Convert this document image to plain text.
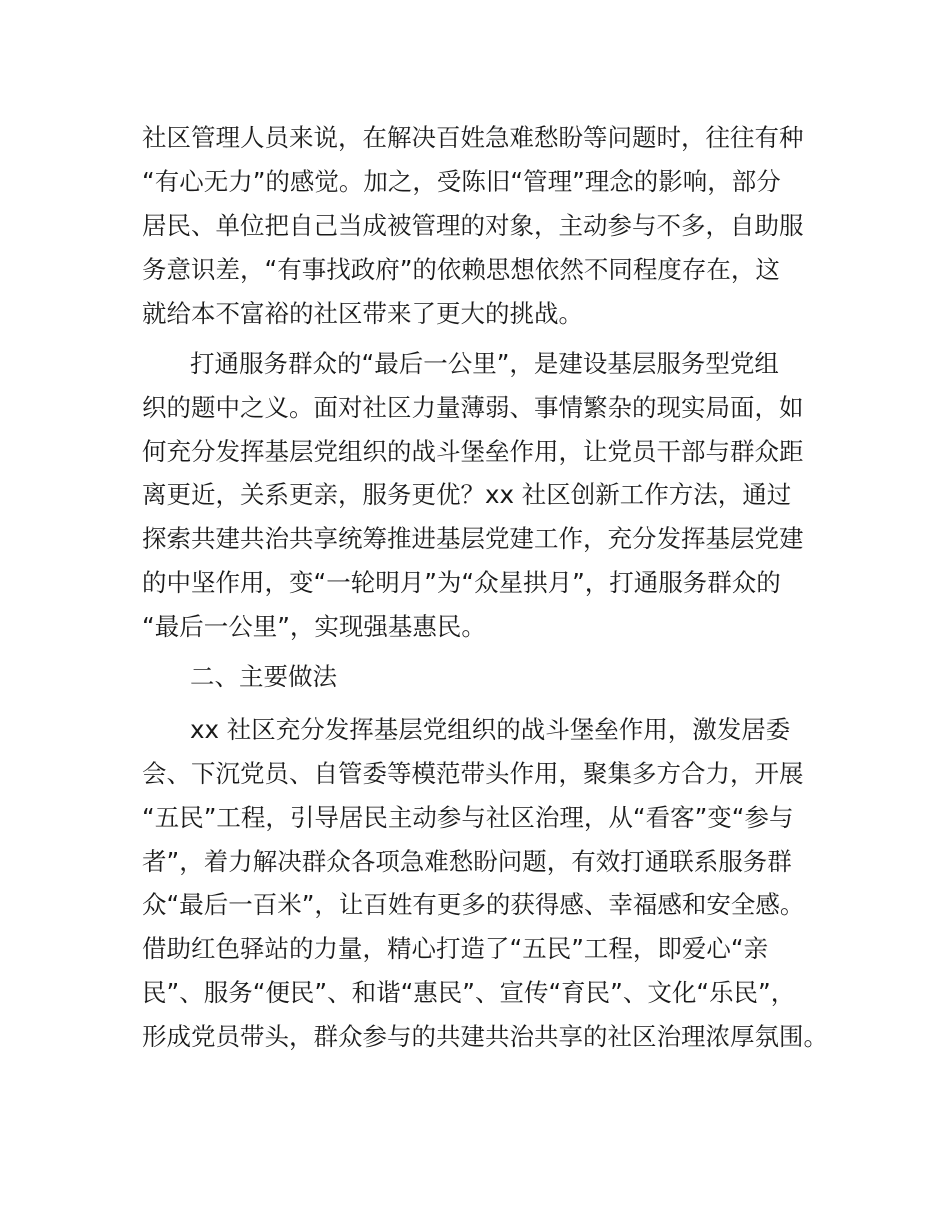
社区管理人员来说，在解决百姓急难愁盼等问题时，往往有种

“有心无力”的感觉。加之，受陈旧“管理”理念的影响，部分

居民、单位把自己当成被管理的对象，主动参与不多，自助服

务意识差，“有事找政府”的依赖思想依然不同程度存在，这

就给本不富裕的社区带来了更大的挑战。

打通服务群众的“最后一公里”，是建设基层服务型党组

织的题中之义。面对社区力量薄弱、事情繁杂的现实局面，如

何充分发挥基层党组织的战斗堡垒作用，让党员干部与群众距

离更近，关系更亲，服务更优？xx 社区创新工作方法，通过

探索共建共治共享统筹推进基层党建工作，充分发挥基层党建

的中坚作用，变“一轮明月”为“众星拱月”，打通服务群众的

“最后一公里”，实现强基惠民。

二、主要做法

xx 社区充分发挥基层党组织的战斗堡垒作用，激发居委

会、下沉党员、自管委等模范带头作用，聚集多方合力，开展

“五民”工程，引导居民主动参与社区治理，从“看客”变“参与

者”，着力解决群众各项急难愁盼问题，有效打通联系服务群

众“最后一百米”，让百姓有更多的获得感、幸福感和安全感。

借助红色驿站的力量，精心打造了“五民”工程，即爱心“亲

民”、服务“便民”、和谐“惠民”、宣传“育民”、文化“乐民”，

形成党员带头，群众参与的共建共治共享的社区治理浓厚氛围。
